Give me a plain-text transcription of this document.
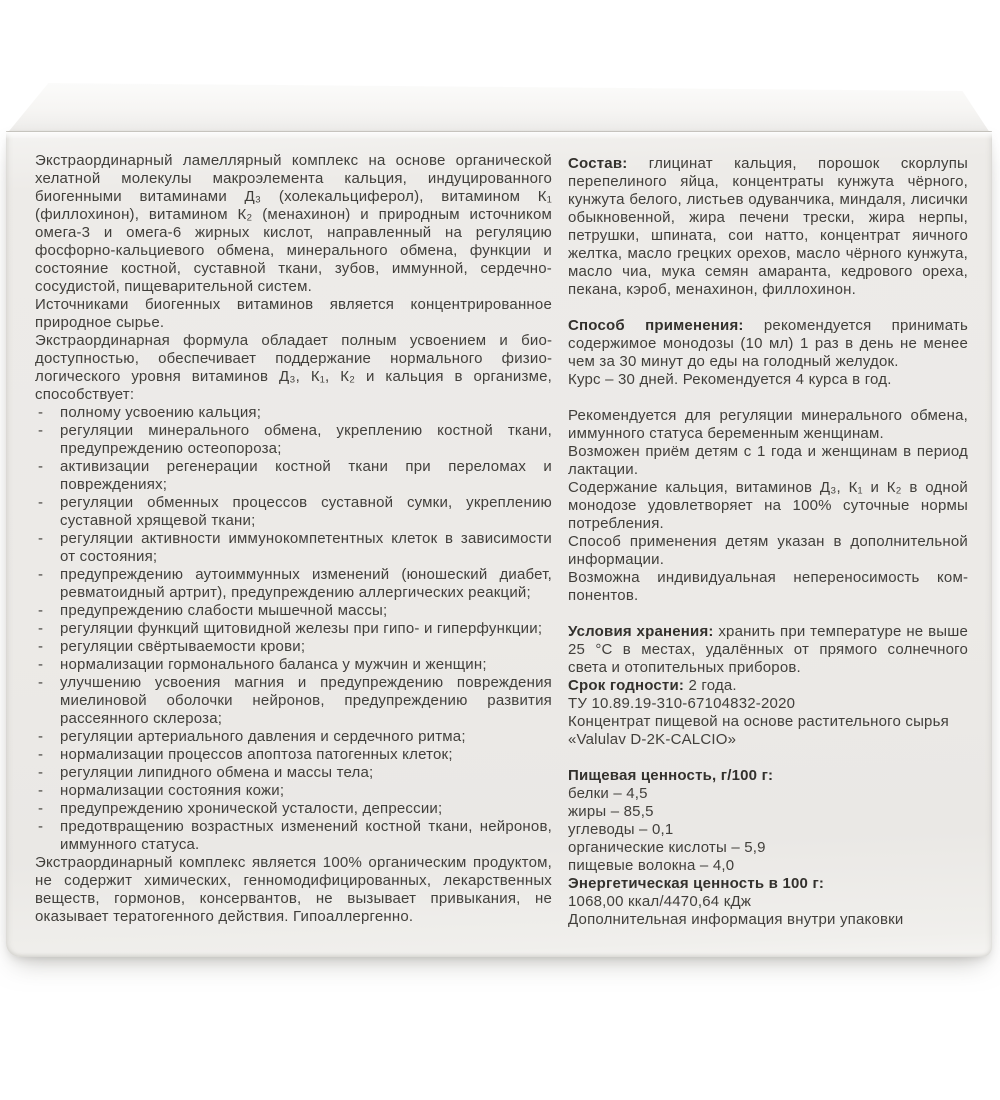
Экстраординарный ламеллярный комплекс на основе органической хелатной молекулы макроэлемента кальция, индуцированного биогенными витаминами Д₃ (холекальциферол), витамином К₁ (филлохинон), витамином К₂ (менахинон) и природным источником омега-3 и омега-6 жирных кислот, направленный на регуляцию фосфорно-кальциевого обмена, минерального обмена, функции и состояние костной, суставной ткани, зубов, иммунной, сердечно-сосудистой, пищеварительной систем.

Источниками биогенных витаминов является концентрированное природное сырье.

Экстраординарная формула обладает полным усвоением и биодоступностью, обеспечивает поддержание нормального физиологического уровня витаминов Д₃, К₁, К₂ и кальция в организме, способствует:

- полному усвоению кальция;
- регуляции минерального обмена, укреплению костной ткани, предупреждению остеопороза;
- активизации регенерации костной ткани при переломах и повреждениях;
- регуляции обменных процессов суставной сумки, укреплению суставной хрящевой ткани;
- регуляции активности иммунокомпетентных клеток в зависимости от состояния;
- предупреждению аутоиммунных изменений (юношеский диабет, ревматоидный артрит), предупреждению аллергических реакций;
- предупреждению слабости мышечной массы;
- регуляции функций щитовидной железы при гипо- и гиперфункции;
- регуляции свёртываемости крови;
- нормализации гормонального баланса у мужчин и женщин;
- улучшению усвоения магния и предупреждению повреждения миелиновой оболочки нейронов, предупреждению развития рассеянного склероза;
- регуляции артериального давления и сердечного ритма;
- нормализации процессов апоптоза патогенных клеток;
- регуляции липидного обмена и массы тела;
- нормализации состояния кожи;
- предупреждению хронической усталости, депрессии;
- предотвращению возрастных изменений костной ткани, нейронов, иммунного статуса.

Экстраординарный комплекс является 100% органическим продуктом, не содержит химических, генномодифицированных, лекарственных веществ, гормонов, консервантов, не вызывает привыкания, не оказывает тератогенного действия. Гипоаллергенно.

Состав: глицинат кальция, порошок скорлупы перепелиного яйца, концентраты кунжута чёрного, кунжута белого, листьев одуванчика, миндаля, лисички обыкновенной, жира печени трески, жира нерпы, петрушки, шпината, сои натто, концентрат яичного желтка, масло грецких орехов, масло чёрного кунжута, масло чиа, мука семян амаранта, кедрового ореха, пекана, кэроб, менахинон, филлохинон.

Способ применения: рекомендуется принимать содержимое монодозы (10 мл) 1 раз в день не менее чем за 30 минут до еды на голодный желудок.

Курс – 30 дней. Рекомендуется 4 курса в год.

Рекомендуется для регуляции минерального обмена, иммунного статуса беременным женщинам.
Возможен приём детям с 1 года и женщинам в период лактации.
Содержание кальция, витаминов Д₃, К₁ и К₂ в одной монодозе удовлетворяет на 100% суточные нормы потребления.
Способ применения детям указан в дополнительной информации.
Возможна индивидуальная непереносимость компонентов.

Условия хранения: хранить при температуре не выше 25 °С в местах, удалённых от прямого солнечного света и отопительных приборов.

Срок годности: 2 года.

ТУ 10.89.19-310-67104832-2020

Концентрат пищевой на основе растительного сырья

«Valulav D-2K-CALCIO»

Пищевая ценность, г/100 г:

белки – 4,5
жиры – 85,5
углеводы – 0,1
органические кислоты – 5,9
пищевые волокна – 4,0

Энергетическая ценность в 100 г:

1068,00 ккал/4470,64 кДж

Дополнительная информация внутри упаковки
